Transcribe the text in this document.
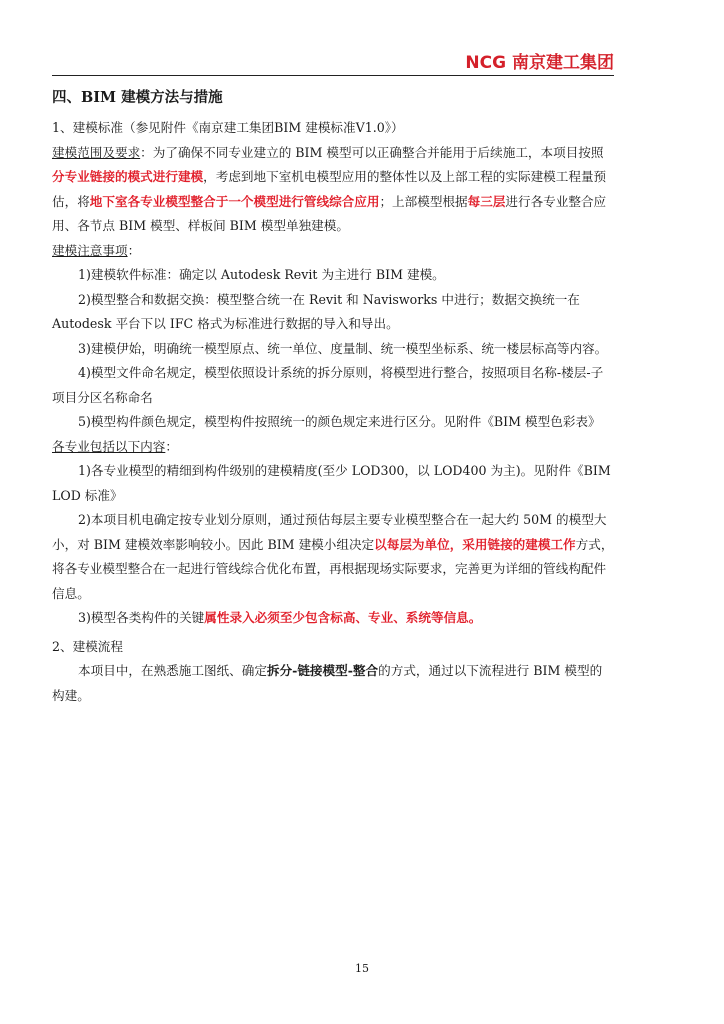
NCG 南京建工集团
四、BIM 建模方法与措施

1、建模标准（参见附件《南京建工集团BIM 建模标准V1.0》）

建模范围及要求：为了确保不同专业建立的 BIM 模型可以正确整合并能用于后续施工，本项目按照分专业链接的模式进行建模，考虑到地下室机电模型应用的整体性以及上部工程的实际建模工程量预估，将地下室各专业模型整合于一个模型进行管线综合应用；上部模型根据每三层进行各专业整合应用、各节点 BIM 模型、样板间 BIM 模型单独建模。

建模注意事项：

1)建模软件标准：确定以 Autodesk Revit 为主进行 BIM 建模。

2)模型整合和数据交换：模型整合统一在 Revit 和 Navisworks 中进行；数据交换统一在 Autodesk 平台下以 IFC 格式为标准进行数据的导入和导出。

3)建模伊始，明确统一模型原点、统一单位、度量制、统一模型坐标系、统一楼层标高等内容。

4)模型文件命名规定，模型依照设计系统的拆分原则，将模型进行整合，按照项目名称-楼层-子项目分区名称命名

5)模型构件颜色规定，模型构件按照统一的颜色规定来进行区分。见附件《BIM 模型色彩表》

各专业包括以下内容：

1)各专业模型的精细到构件级别的建模精度(至少 LOD300，以 LOD400 为主)。见附件《BIM LOD 标准》

2)本项目机电确定按专业划分原则，通过预估每层主要专业模型整合在一起大约 50M 的模型大小，对 BIM 建模效率影响较小。因此 BIM 建模小组决定以每层为单位，采用链接的建模工作方式，将各专业模型整合在一起进行管线综合优化布置，再根据现场实际要求，完善更为详细的管线构配件信息。

3)模型各类构件的关键属性录入必须至少包含标高、专业、系统等信息。

2、建模流程

本项目中，在熟悉施工图纸、确定拆分-链接模型-整合的方式，通过以下流程进行 BIM 模型的构建。

15
